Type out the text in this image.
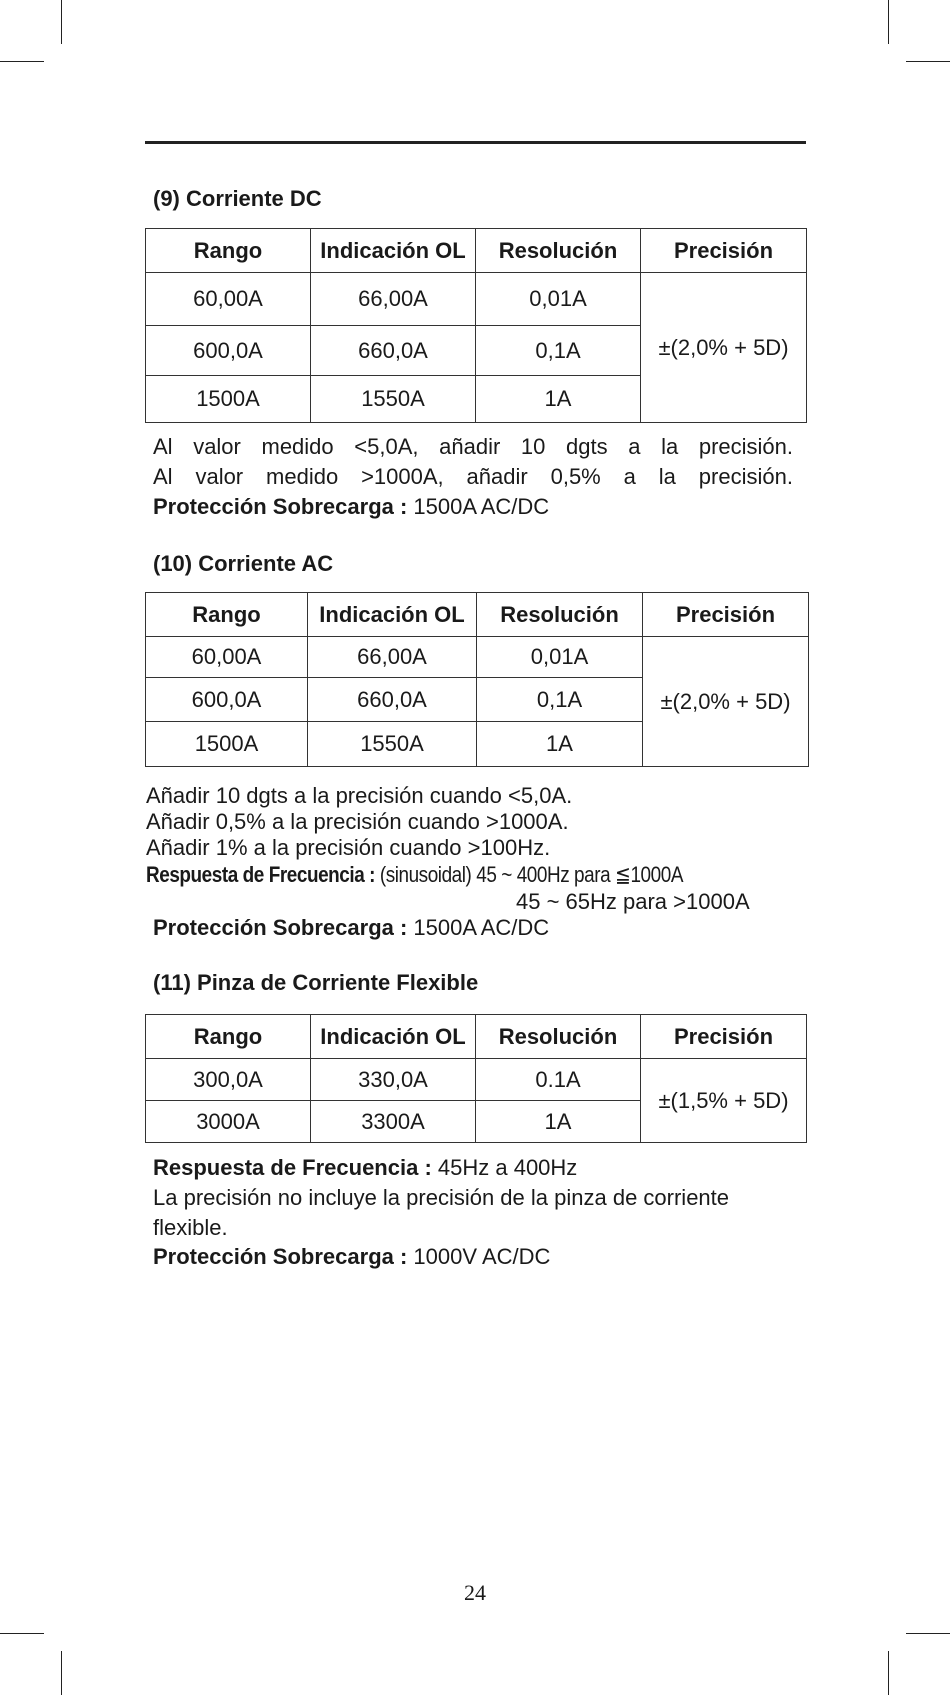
(9) Corriente DC
Rango	Indicación OL	Resolución	Precisión
60,00A	66,00A	0,01A	±(2,0% + 5D)
600,0A	660,0A	0,1A	
1500A	1550A	1A	
Al valor medido <5,0A, añadir 10 dgts a la precisión.
Al valor medido >1000A, añadir 0,5% a la precisión.
Protección Sobrecarga : 1500A AC/DC
(10) Corriente AC
Rango	Indicación OL	Resolución	Precisión
60,00A	66,00A	0,01A	±(2,0% + 5D)
600,0A	660,0A	0,1A	
1500A	1550A	1A	
Añadir 10 dgts a la precisión cuando <5,0A.
Añadir 0,5% a la precisión cuando >1000A.
Añadir 1% a la precisión cuando >100Hz.
Respuesta de Frecuencia : (sinusoidal) 45 ~ 400Hz para ≦1000A
45 ~ 65Hz para >1000A
Protección Sobrecarga : 1500A AC/DC
(11) Pinza de Corriente Flexible
Rango	Indicación OL	Resolución	Precisión
300,0A	330,0A	0.1A	±(1,5% + 5D)
3000A	3300A	1A	
Respuesta de Frecuencia : 45Hz a 400Hz
La precisión no incluye la precisión de la pinza de corriente
flexible.
Protección Sobrecarga : 1000V AC/DC
24
